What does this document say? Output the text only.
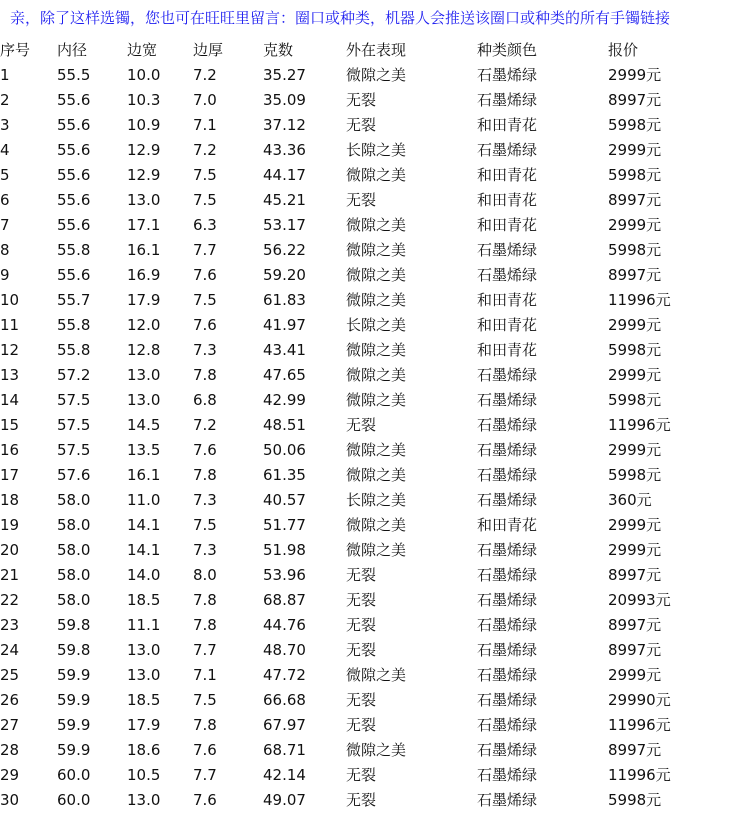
亲，除了这样选镯，您也可在旺旺里留言：圈口或种类，机器人会推送该圈口或种类的所有手镯链接
序号	内径	边宽	边厚	克数	外在表现	种类颜色	报价
1	55.5	10.0	7.2	35.27	微隙之美	石墨烯绿	2999元
2	55.6	10.3	7.0	35.09	无裂	石墨烯绿	8997元
3	55.6	10.9	7.1	37.12	无裂	和田青花	5998元
4	55.6	12.9	7.2	43.36	长隙之美	石墨烯绿	2999元
5	55.6	12.9	7.5	44.17	微隙之美	和田青花	5998元
6	55.6	13.0	7.5	45.21	无裂	和田青花	8997元
7	55.6	17.1	6.3	53.17	微隙之美	和田青花	2999元
8	55.8	16.1	7.7	56.22	微隙之美	石墨烯绿	5998元
9	55.6	16.9	7.6	59.20	微隙之美	石墨烯绿	8997元
10	55.7	17.9	7.5	61.83	微隙之美	和田青花	11996元
11	55.8	12.0	7.6	41.97	长隙之美	和田青花	2999元
12	55.8	12.8	7.3	43.41	微隙之美	和田青花	5998元
13	57.2	13.0	7.8	47.65	微隙之美	石墨烯绿	2999元
14	57.5	13.0	6.8	42.99	微隙之美	石墨烯绿	5998元
15	57.5	14.5	7.2	48.51	无裂	石墨烯绿	11996元
16	57.5	13.5	7.6	50.06	微隙之美	石墨烯绿	2999元
17	57.6	16.1	7.8	61.35	微隙之美	石墨烯绿	5998元
18	58.0	11.0	7.3	40.57	长隙之美	石墨烯绿	360元
19	58.0	14.1	7.5	51.77	微隙之美	和田青花	2999元
20	58.0	14.1	7.3	51.98	微隙之美	石墨烯绿	2999元
21	58.0	14.0	8.0	53.96	无裂	石墨烯绿	8997元
22	58.0	18.5	7.8	68.87	无裂	石墨烯绿	20993元
23	59.8	11.1	7.8	44.76	无裂	石墨烯绿	8997元
24	59.8	13.0	7.7	48.70	无裂	石墨烯绿	8997元
25	59.9	13.0	7.1	47.72	微隙之美	石墨烯绿	2999元
26	59.9	18.5	7.5	66.68	无裂	石墨烯绿	29990元
27	59.9	17.9	7.8	67.97	无裂	石墨烯绿	11996元
28	59.9	18.6	7.6	68.71	微隙之美	石墨烯绿	8997元
29	60.0	10.5	7.7	42.14	无裂	石墨烯绿	11996元
30	60.0	13.0	7.6	49.07	无裂	石墨烯绿	5998元
